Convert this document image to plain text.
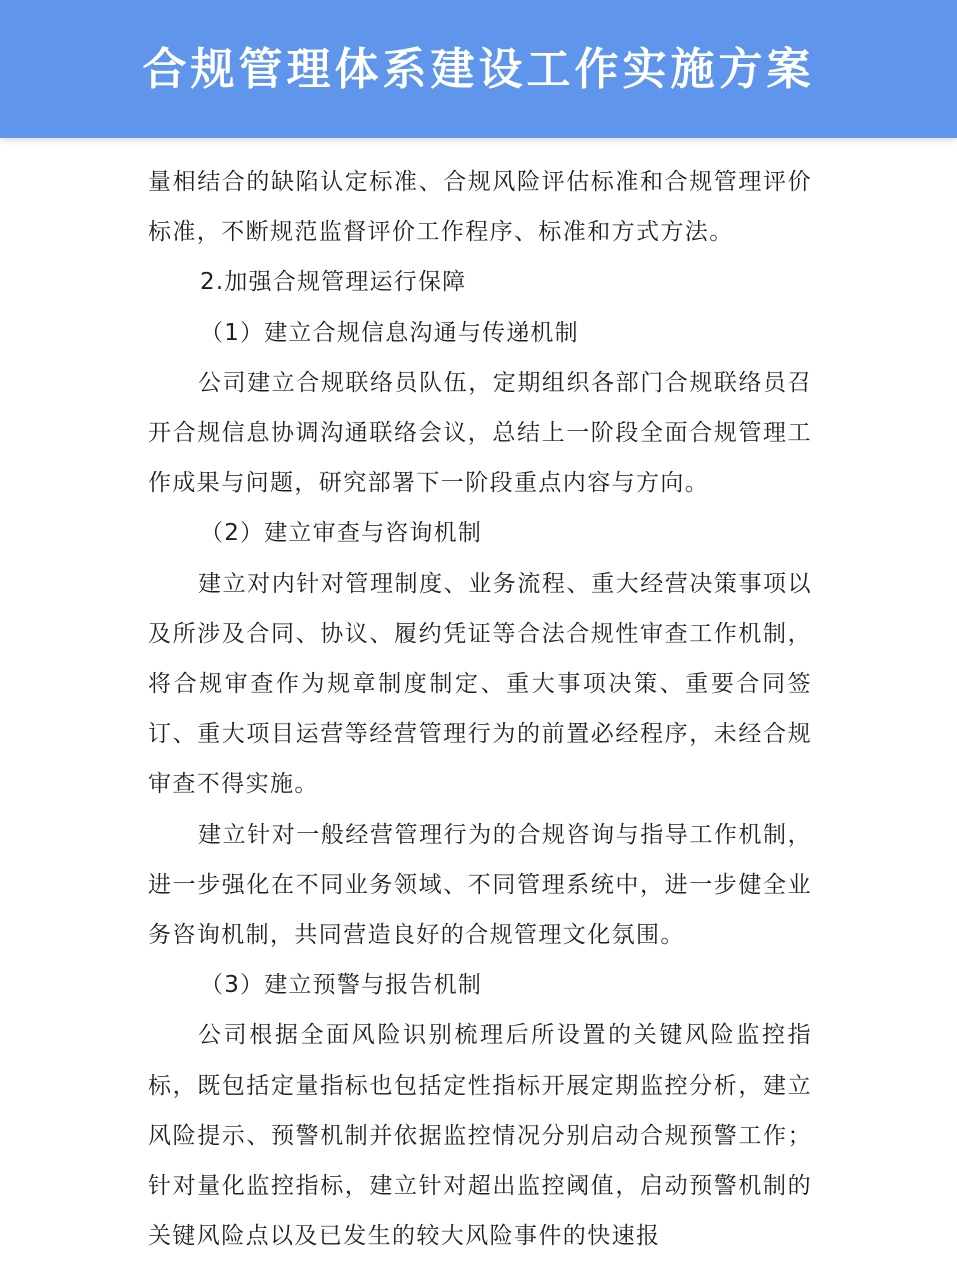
合规管理体系建设工作实施方案

量相结合的缺陷认定标准、合规风险评估标准和合规管理评价标准，不断规范监督评价工作程序、标准和方式方法。

2.加强合规管理运行保障

（1）建立合规信息沟通与传递机制

公司建立合规联络员队伍，定期组织各部门合规联络员召开合规信息协调沟通联络会议，总结上一阶段全面合规管理工作成果与问题，研究部署下一阶段重点内容与方向。

（2）建立审查与咨询机制

建立对内针对管理制度、业务流程、重大经营决策事项以及所涉及合同、协议、履约凭证等合法合规性审查工作机制，将合规审查作为规章制度制定、重大事项决策、重要合同签订、重大项目运营等经营管理行为的前置必经程序，未经合规审查不得实施。

建立针对一般经营管理行为的合规咨询与指导工作机制，进一步强化在不同业务领域、不同管理系统中，进一步健全业务咨询机制，共同营造良好的合规管理文化氛围。

（3）建立预警与报告机制

公司根据全面风险识别梳理后所设置的关键风险监控指标，既包括定量指标也包括定性指标开展定期监控分析，建立风险提示、预警机制并依据监控情况分别启动合规预警工作；针对量化监控指标，建立针对超出监控阈值，启动预警机制的关键风险点以及已发生的较大风险事件的快速报
